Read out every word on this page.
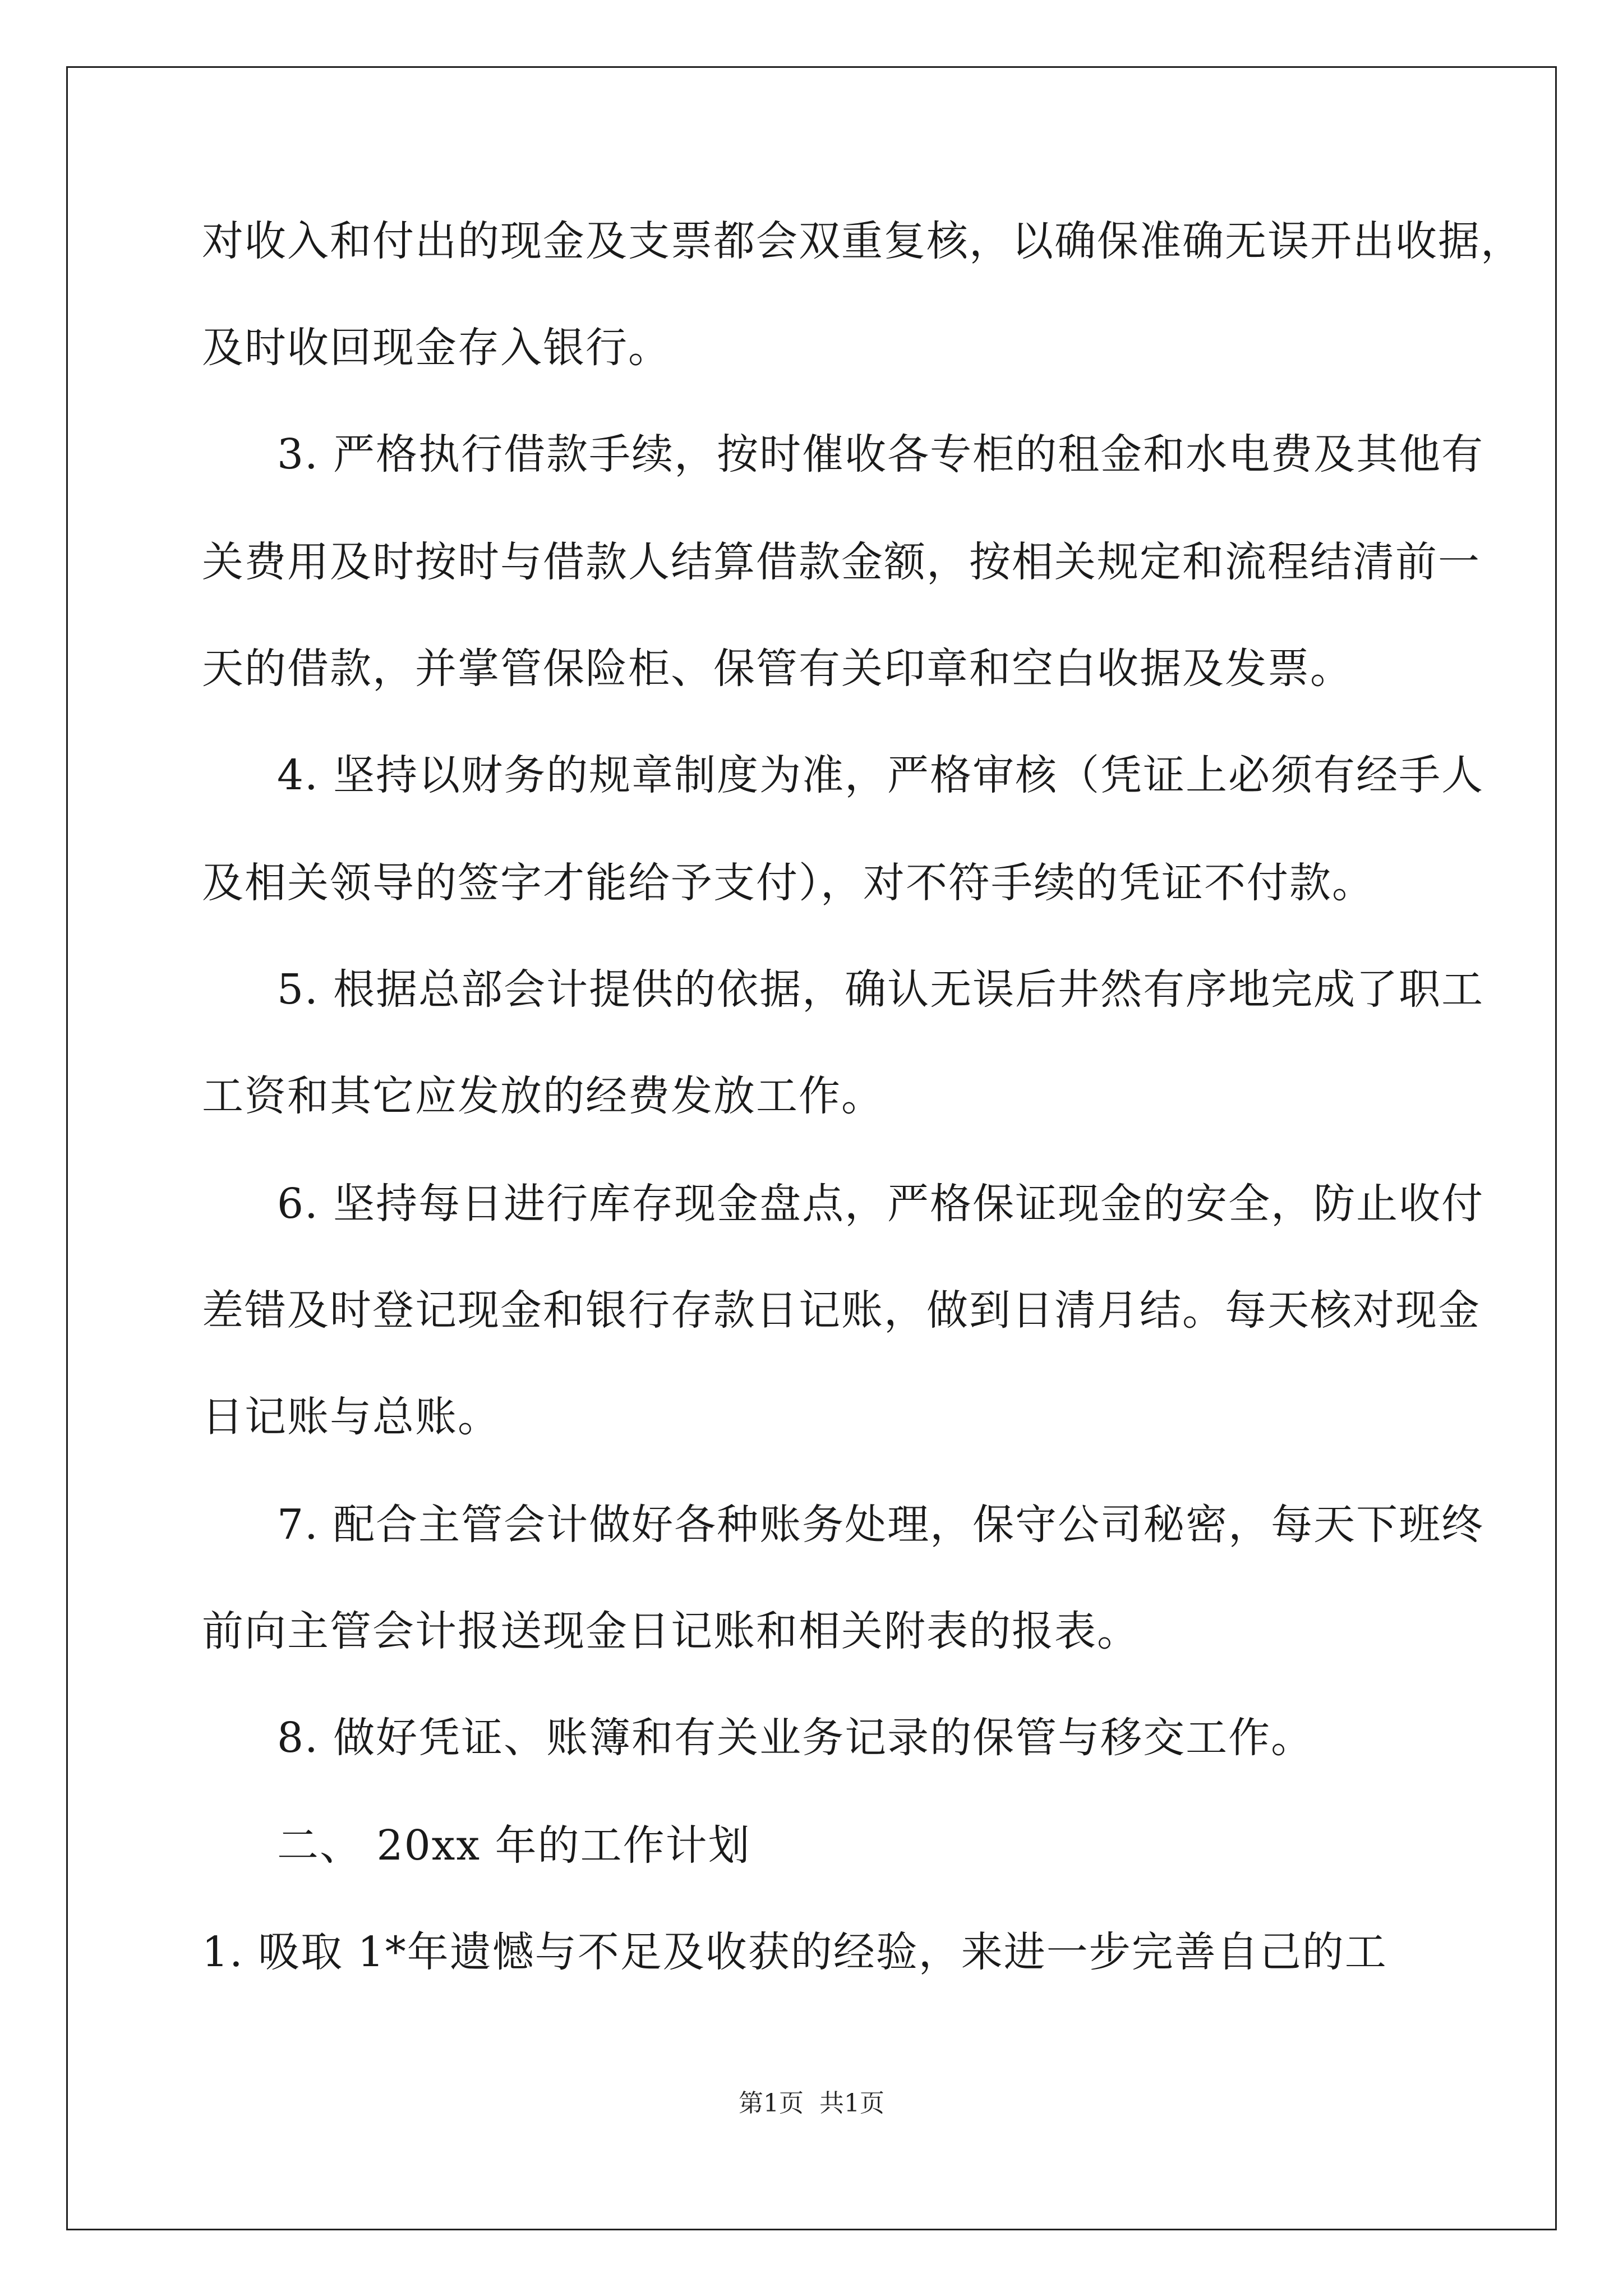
对收入和付出的现金及支票都会双重复核，以确保准确无误开出收据，
及时收回现金存入银行。
3. 严格执行借款手续，按时催收各专柜的租金和水电费及其他有
关费用及时按时与借款人结算借款金额，按相关规定和流程结清前一
天的借款，并掌管保险柜、保管有关印章和空白收据及发票。
4. 坚持以财务的规章制度为准，严格审核（凭证上必须有经手人
及相关领导的签字才能给予支付），对不符手续的凭证不付款。
5. 根据总部会计提供的依据，确认无误后井然有序地完成了职工
工资和其它应发放的经费发放工作。
6. 坚持每日进行库存现金盘点，严格保证现金的安全，防止收付
差错及时登记现金和银行存款日记账，做到日清月结。每天核对现金
日记账与总账。
7. 配合主管会计做好各种账务处理，保守公司秘密，每天下班终
前向主管会计报送现金日记账和相关附表的报表。
8. 做好凭证、账簿和有关业务记录的保管与移交工作。
二、 20xx 年的工作计划
1. 吸取 1*年遗憾与不足及收获的经验，来进一步完善自己的工
第1页 共1页
